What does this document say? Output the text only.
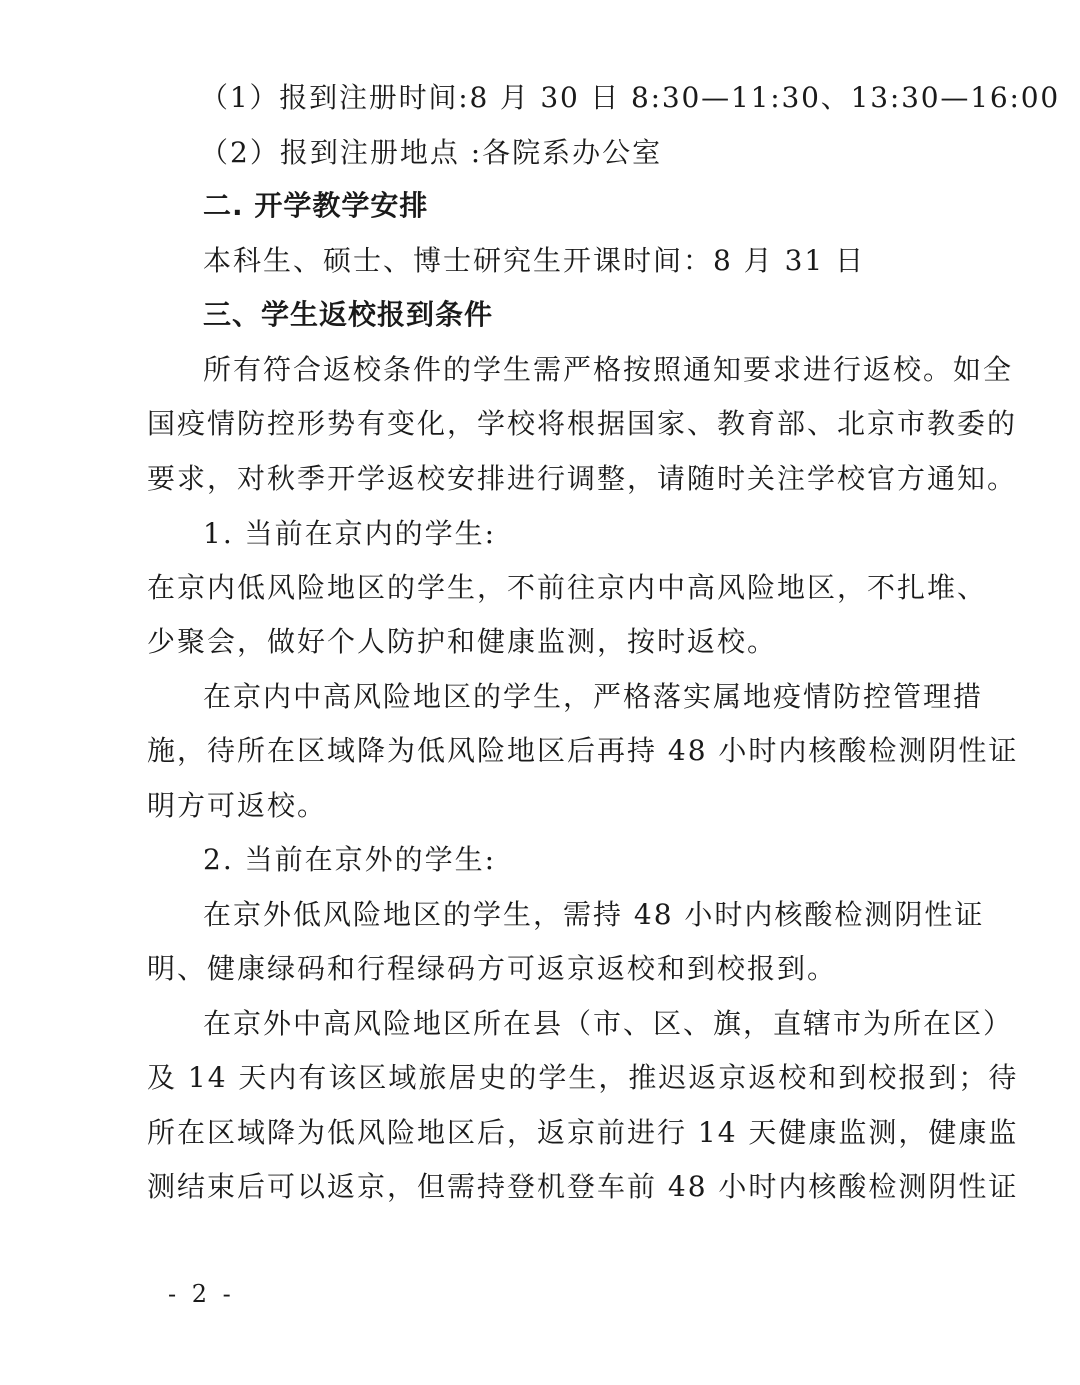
（1）报到注册时间:8 月 30 日 8:30—11:30、13:30—16:00
（2）报到注册地点 :各院系办公室
二. 开学教学安排
本科生、硕士、博士研究生开课时间：8 月 31 日
三、学生返校报到条件
所有符合返校条件的学生需严格按照通知要求进行返校。如全
国疫情防控形势有变化，学校将根据国家、教育部、北京市教委的
要求，对秋季开学返校安排进行调整，请随时关注学校官方通知。
1. 当前在京内的学生:
在京内低风险地区的学生，不前往京内中高风险地区，不扎堆、
少聚会，做好个人防护和健康监测，按时返校。
在京内中高风险地区的学生，严格落实属地疫情防控管理措
施，待所在区域降为低风险地区后再持 48 小时内核酸检测阴性证
明方可返校。
2. 当前在京外的学生:
在京外低风险地区的学生，需持 48 小时内核酸检测阴性证
明、健康绿码和行程绿码方可返京返校和到校报到。
在京外中高风险地区所在县（市、区、旗，直辖市为所在区）
及 14 天内有该区域旅居史的学生，推迟返京返校和到校报到；待
所在区域降为低风险地区后，返京前进行 14 天健康监测，健康监
测结束后可以返京，但需持登机登车前 48 小时内核酸检测阴性证
- 2 -
